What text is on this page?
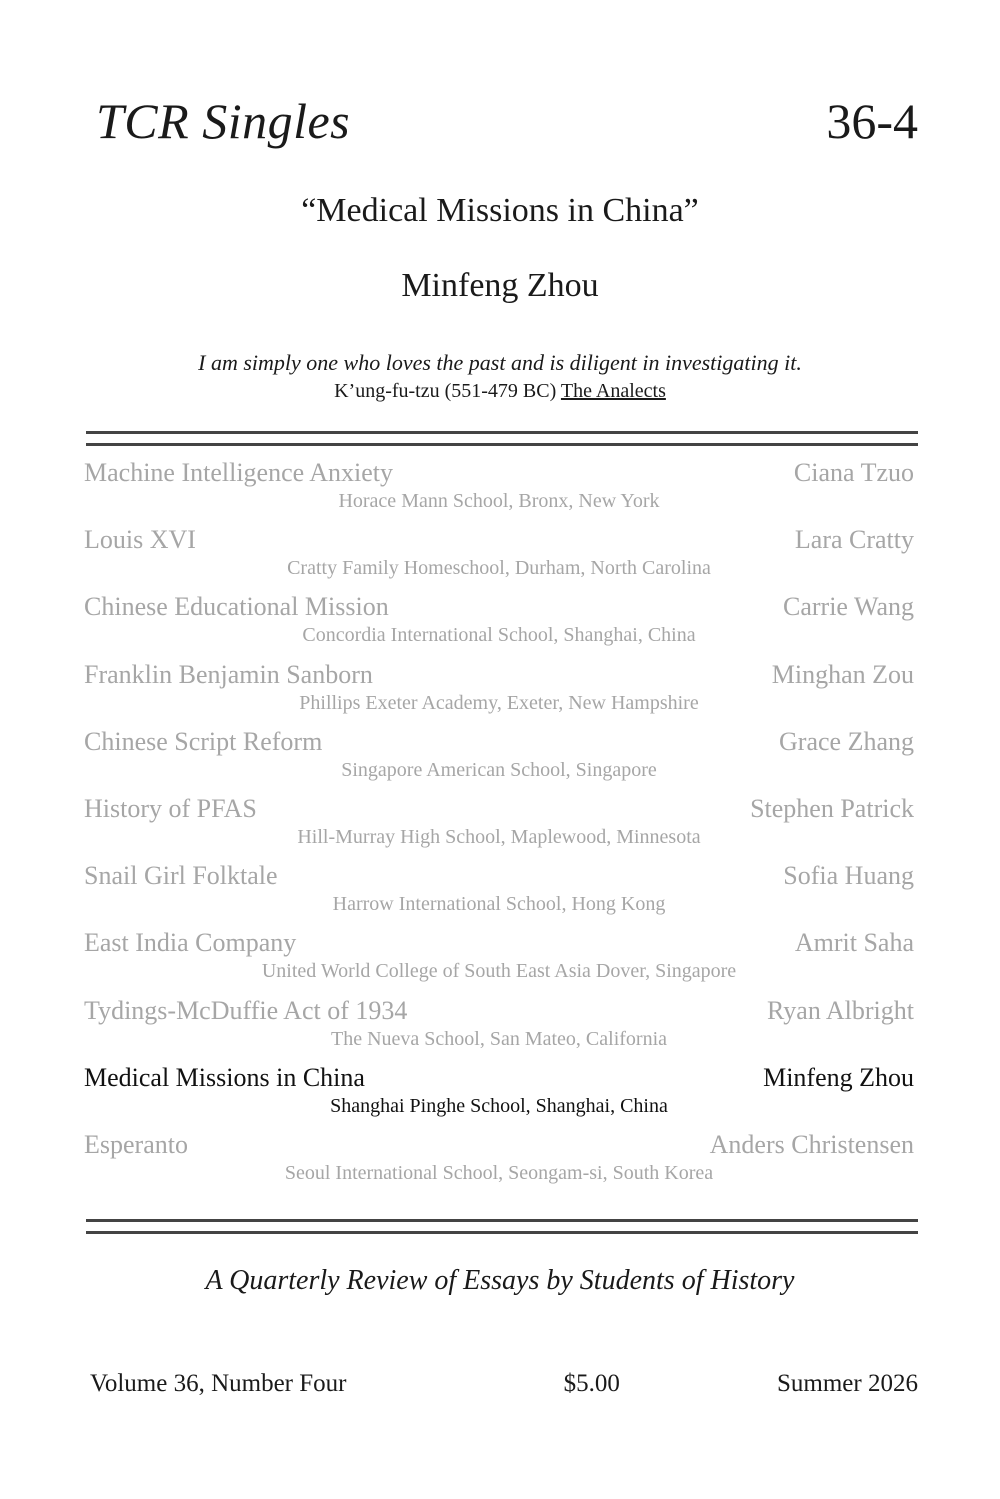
TCR Singles	36-4
“Medical Missions in China”
Minfeng Zhou
I am simply one who loves the past and is diligent in investigating it.
K’ung-fu-tzu (551-479 BC) The Analects
Machine Intelligence Anxiety	Ciana Tzuo
Horace Mann School, Bronx, New York
Louis XVI	Lara Cratty
Cratty Family Homeschool, Durham, North Carolina
Chinese Educational Mission	Carrie Wang
Concordia International School, Shanghai, China
Franklin Benjamin Sanborn	Minghan Zou
Phillips Exeter Academy, Exeter, New Hampshire
Chinese Script Reform	Grace Zhang
Singapore American School, Singapore
History of PFAS	Stephen Patrick
Hill-Murray High School, Maplewood, Minnesota
Snail Girl Folktale	Sofia Huang
Harrow International School, Hong Kong
East India Company	Amrit Saha
United World College of South East Asia Dover, Singapore
Tydings-McDuffie Act of 1934	Ryan Albright
The Nueva School, San Mateo, California
Medical Missions in China	Minfeng Zhou
Shanghai Pinghe School, Shanghai, China
Esperanto	Anders Christensen
Seoul International School, Seongam-si, South Korea
A Quarterly Review of Essays by Students of History
Volume 36, Number Four	$5.00	Summer 2026
